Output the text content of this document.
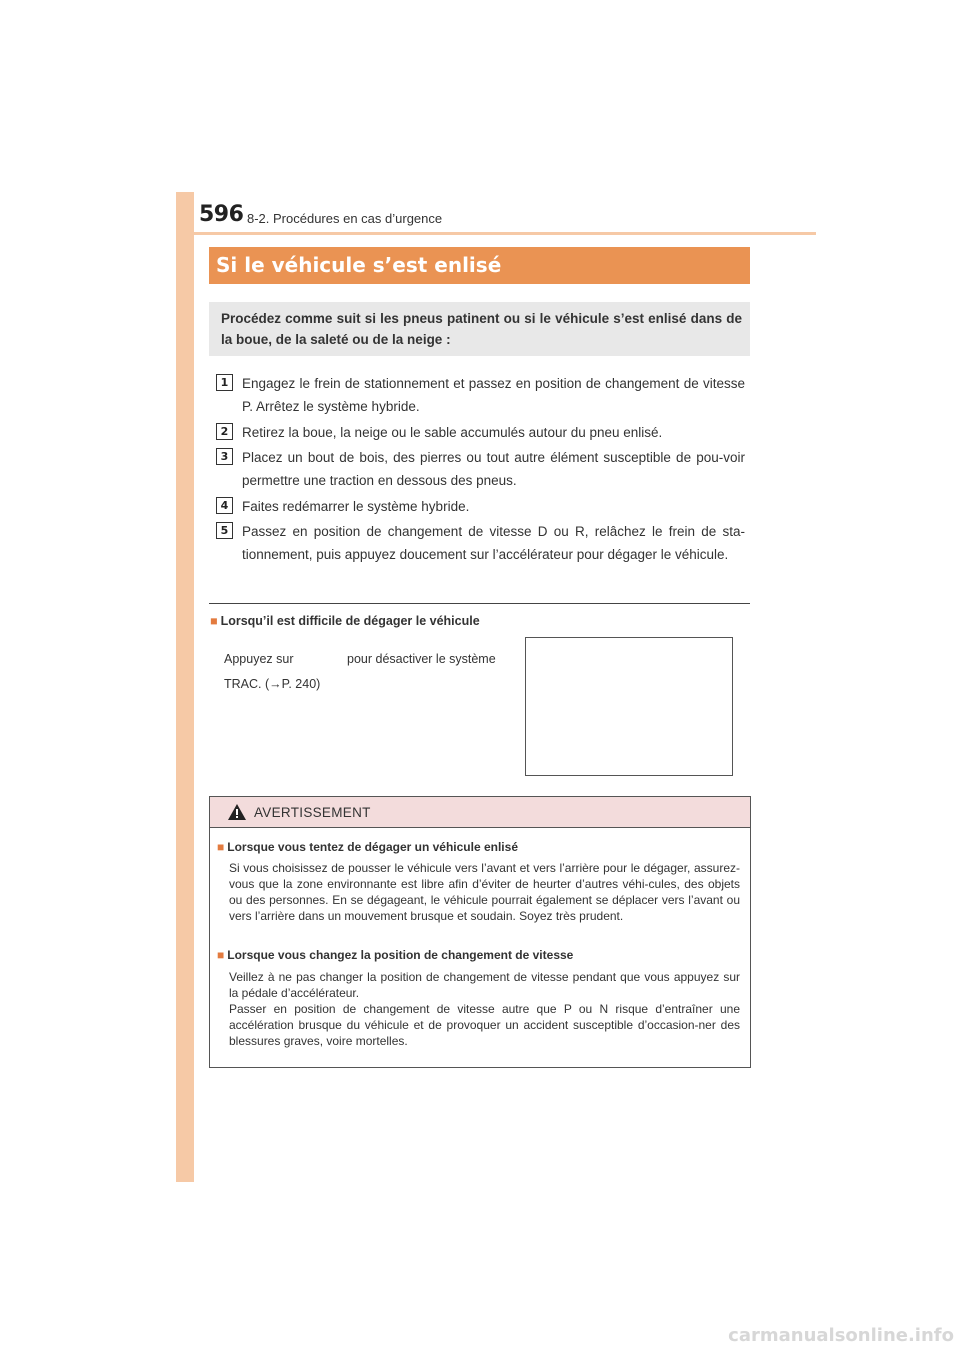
596 8-2. Procédures en cas d’urgence
Si le véhicule s’est enlisé
Procédez comme suit si les pneus patinent ou si le véhicule s’est enlisé dans de la boue, de la saleté ou de la neige :
1	Engagez le frein de stationnement et passez en position de changement de vitesse P. Arrêtez le système hybride.
2	Retirez la boue, la neige ou le sable accumulés autour du pneu enlisé.
3	Placez un bout de bois, des pierres ou tout autre élément susceptible de pou-voir permettre une traction en dessous des pneus.
4	Faites redémarrer le système hybride.
5	Passez en position de changement de vitesse D ou R, relâchez le frein de sta-tionnement, puis appuyez doucement sur l’accélérateur pour dégager le véhicule.
■ Lorsqu’il est difficile de dégager le véhicule
Appuyez sur	pour désactiver le système
TRAC. (→P. 240)
AVERTISSEMENT
■ Lorsque vous tentez de dégager un véhicule enlisé
Si vous choisissez de pousser le véhicule vers l’avant et vers l’arrière pour le dégager, assurez-vous que la zone environnante est libre afin d’éviter de heurter d’autres véhi-cules, des objets ou des personnes. En se dégageant, le véhicule pourrait également se déplacer vers l’avant ou vers l’arrière dans un mouvement brusque et soudain. Soyez très prudent.
■ Lorsque vous changez la position de changement de vitesse
Veillez à ne pas changer la position de changement de vitesse pendant que vous appuyez sur la pédale d’accélérateur.
Passer en position de changement de vitesse autre que P ou N risque d’entraîner une accélération brusque du véhicule et de provoquer un accident susceptible d’occasion-ner des blessures graves, voire mortelles.
carmanualsonline.info
